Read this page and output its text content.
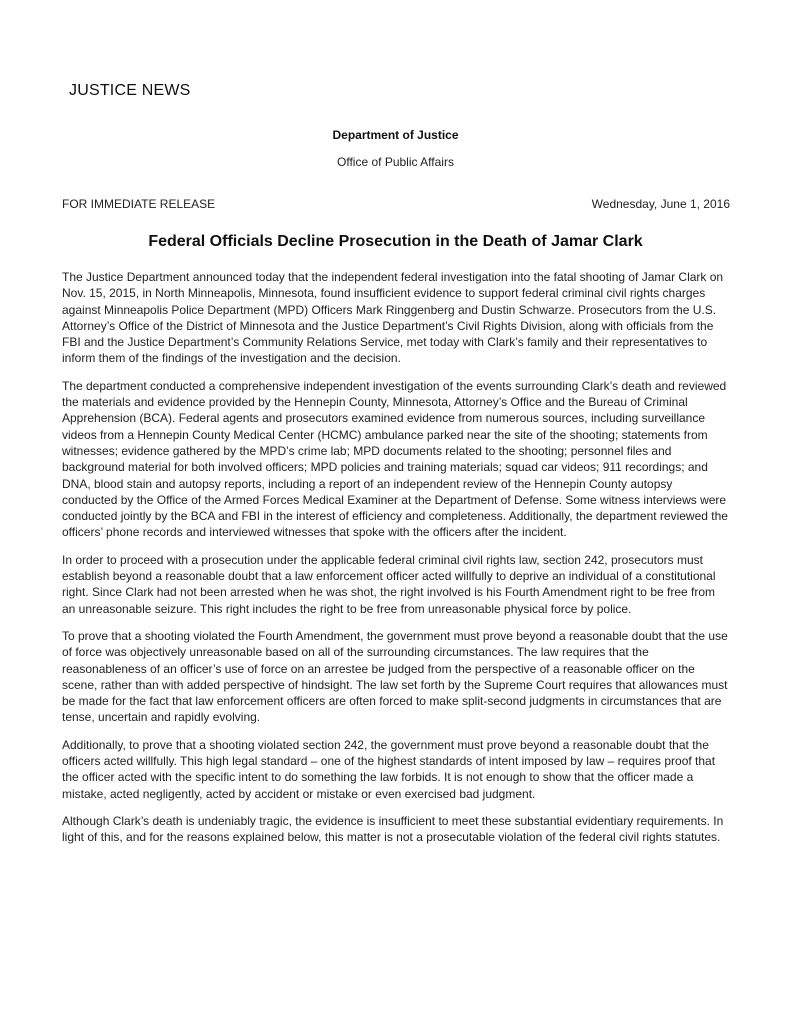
JUSTICE NEWS
Department of Justice
Office of Public Affairs
FOR IMMEDIATE RELEASE	Wednesday, June 1, 2016
Federal Officials Decline Prosecution in the Death of Jamar Clark

The Justice Department announced today that the independent federal investigation into the fatal shooting of Jamar Clark on Nov. 15, 2015, in North Minneapolis, Minnesota, found insufficient evidence to support federal criminal civil rights charges against Minneapolis Police Department (MPD) Officers Mark Ringgenberg and Dustin Schwarze. Prosecutors from the U.S. Attorney’s Office of the District of Minnesota and the Justice Department’s Civil Rights Division, along with officials from the FBI and the Justice Department’s Community Relations Service, met today with Clark’s family and their representatives to inform them of the findings of the investigation and the decision.

The department conducted a comprehensive independent investigation of the events surrounding Clark’s death and reviewed the materials and evidence provided by the Hennepin County, Minnesota, Attorney’s Office and the Bureau of Criminal Apprehension (BCA). Federal agents and prosecutors examined evidence from numerous sources, including surveillance videos from a Hennepin County Medical Center (HCMC) ambulance parked near the site of the shooting; statements from witnesses; evidence gathered by the MPD’s crime lab; MPD documents related to the shooting; personnel files and background material for both involved officers; MPD policies and training materials; squad car videos; 911 recordings; and DNA, blood stain and autopsy reports, including a report of an independent review of the Hennepin County autopsy conducted by the Office of the Armed Forces Medical Examiner at the Department of Defense. Some witness interviews were conducted jointly by the BCA and FBI in the interest of efficiency and completeness. Additionally, the department reviewed the officers’ phone records and interviewed witnesses that spoke with the officers after the incident.

In order to proceed with a prosecution under the applicable federal criminal civil rights law, section 242, prosecutors must establish beyond a reasonable doubt that a law enforcement officer acted willfully to deprive an individual of a constitutional right. Since Clark had not been arrested when he was shot, the right involved is his Fourth Amendment right to be free from an unreasonable seizure. This right includes the right to be free from unreasonable physical force by police.

To prove that a shooting violated the Fourth Amendment, the government must prove beyond a reasonable doubt that the use of force was objectively unreasonable based on all of the surrounding circumstances. The law requires that the reasonableness of an officer’s use of force on an arrestee be judged from the perspective of a reasonable officer on the scene, rather than with added perspective of hindsight. The law set forth by the Supreme Court requires that allowances must be made for the fact that law enforcement officers are often forced to make split-second judgments in circumstances that are tense, uncertain and rapidly evolving.

Additionally, to prove that a shooting violated section 242, the government must prove beyond a reasonable doubt that the officers acted willfully. This high legal standard – one of the highest standards of intent imposed by law – requires proof that the officer acted with the specific intent to do something the law forbids. It is not enough to show that the officer made a mistake, acted negligently, acted by accident or mistake or even exercised bad judgment.

Although Clark’s death is undeniably tragic, the evidence is insufficient to meet these substantial evidentiary requirements. In light of this, and for the reasons explained below, this matter is not a prosecutable violation of the federal civil rights statutes.
